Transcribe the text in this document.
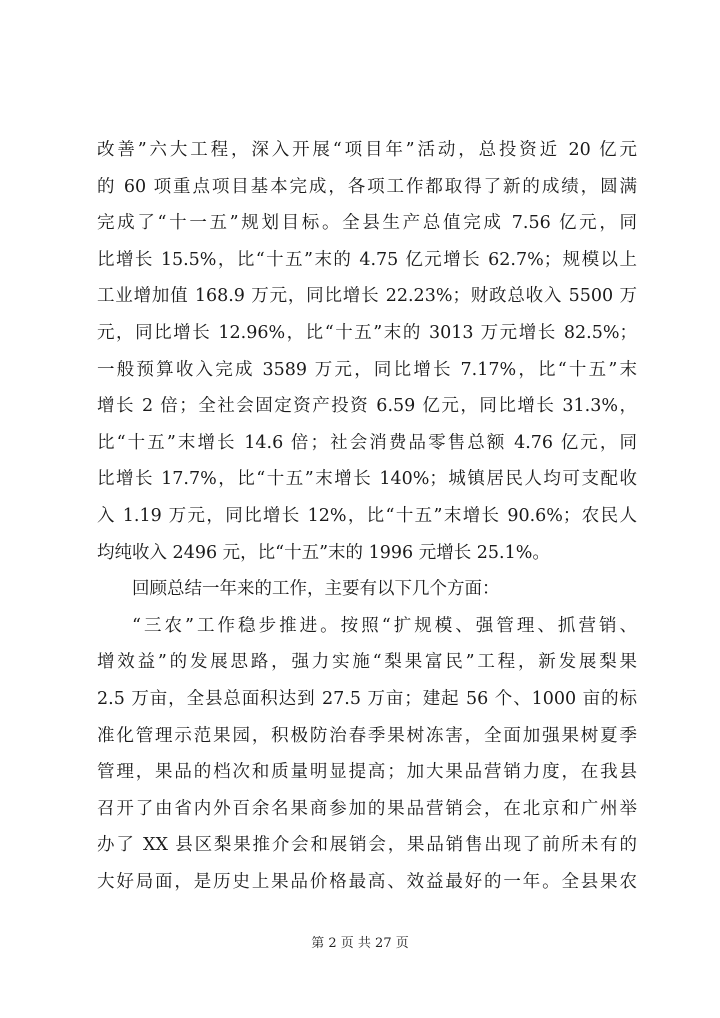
改善”六大工程，深入开展“项目年”活动，总投资近 20 亿元
的 60 项重点项目基本完成，各项工作都取得了新的成绩，圆满
完成了“十一五”规划目标。全县生产总值完成 7.56 亿元，同
比增长 15.5%，比“十五”末的 4.75 亿元增长 62.7%；规模以上
工业增加值 168.9 万元，同比增长 22.23%；财政总收入 5500 万
元，同比增长 12.96%，比“十五”末的 3013 万元增长 82.5%；
一般预算收入完成 3589 万元，同比增长 7.17%，比“十五”末
增长 2 倍；全社会固定资产投资 6.59 亿元，同比增长 31.3%，
比“十五”末增长 14.6 倍；社会消费品零售总额 4.76 亿元，同
比增长 17.7%，比“十五”末增长 140%；城镇居民人均可支配收
入 1.19 万元，同比增长 12%，比“十五”末增长 90.6%；农民人
均纯收入 2496 元，比“十五”末的 1996 元增长 25.1%。
回顾总结一年来的工作，主要有以下几个方面：
“三农”工作稳步推进。按照“扩规模、强管理、抓营销、
增效益”的发展思路，强力实施“梨果富民”工程，新发展梨果
2.5 万亩，全县总面积达到 27.5 万亩；建起 56 个、1000 亩的标
准化管理示范果园，积极防治春季果树冻害，全面加强果树夏季
管理，果品的档次和质量明显提高；加大果品营销力度，在我县
召开了由省内外百余名果商参加的果品营销会，在北京和广州举
办了 XX 县区梨果推介会和展销会，果品销售出现了前所未有的
大好局面，是历史上果品价格最高、效益最好的一年。全县果农
第 2 页 共 27 页
